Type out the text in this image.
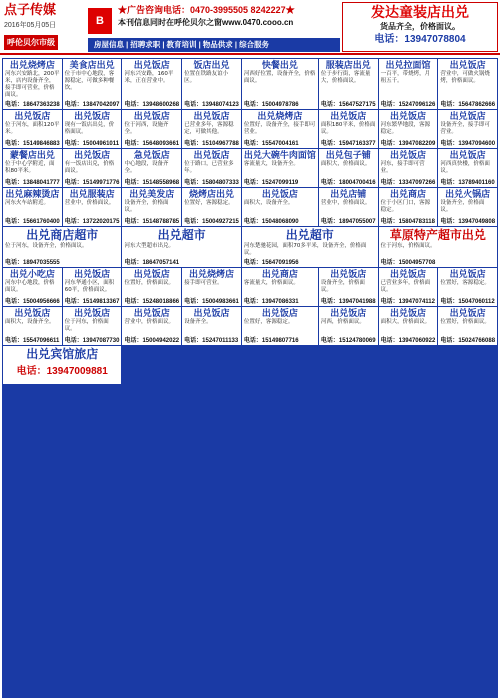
点子传媒
2016年05月05日
呼伦贝尔市级
B
★广告咨询电话：0470-3995505 8242227★
本刊信息同时在呼伦贝尔之窗www.0470.cooo.cn
房屋信息 | 招聘求职 | 教育培训 | 物品供求 | 综合服务
发达童装店出兑
货品齐全，价格面议。
电话：13947078804
出兑烧烤店
河东兴安路北，200平米，店内设备齐全，接手即可营业，价格面议。
电话：18647363238
美食店出兑
位于市中心地段，客源稳定，可做多种餐饮。
电话：13847042097
出兑饭店
河东兴安路，160平米，正在营业中。
电话：13948600268
饭店出兑
位置在铁路友谊小区。
电话：13948074123
快餐出兑
河西好位置，设备齐全，价格面议。
电话：15004978786
服装店出兑
位于步行街，客流量大，价格面议。
电话：15647527175
出兑拉面馆
一百平，带烧烤，月租五千。
电话：15247096126
出兑饭店
营业中，可做火锅烧烤，价格面议。
电话：15647862666
出兑饭店
位于河东，面积120平米。
电话：15149846883
出兑饭店
现有一饭店出兑，价格面议。
电话：15004961011
出兑饭店
位于河西，设施齐全。
电话：15648093661
出兑饭店
已营业多年，客源稳定，可做其他。
电话：15104967788
出兑烧烤店
位置好，设备齐全，接手即可营业。
电话：15547004161
出兑饭店
面积180平米，价格面议。
电话：15947163377
出兑饭店
河东繁华地段，客源稳定。
电话：13947082209
出兑饭店
设备齐全，接手即可营业。
电话：13947094600
蒙餐店出兑
位于中心学附近，面积80平米。
电话：13848041777
出兑饭店
有一饭店出兑，价格面议。
电话：15149971776
急兑饭店
中心地段，设备齐全。
电话：15148558968
出兑饭店
位于路口，已营业多年。
电话：15804807333
出兑大碗牛肉面馆
客流量大，设备齐全。
电话：15247099119
出兑包子铺
面积大，价格面议。
电话：18004700416
出兑饭店
河东，接手即可营业。
电话：13347097266
出兑饭店
河西真快楼，价格面议。
电话：13789401160
出兑麻辣烫店
河东火车站附近。
电话：15661760400
出兑服装店
营业中，价格面议。
电话：13722020175
出兑美发店
设备齐全，价格面议。
电话：15148788785
烧烤店出兑
位置好，客源稳定。
电话：15004927215
出兑饭店
面积大，设备齐全。
电话：15048068090
出兑店铺
营业中，价格面议。
电话：18947055007
出兑商店
位于小区门口，客源稳定。
电话：15804783118
出兑火锅店
设备齐全，价格面议。
电话：13947049808
出兑商店超市
位于河东，设备齐全，价格面议。
电话：18947035555
出兑超市
河东大型超市出兑。
电话：18647057141
出兑超市
河东楚驰花园，面积70多平米，设备齐全，价格面议。
电话：15647091956
草原特产超市出兑
位于河东，价格面议。
电话：15004957708
出兑小吃店
河东中心地段，价格面议。
电话：15004956666
出兑饭店
河东华通小区，面积60平，价格面议。
电话：15149813367
出兑饭店
位置好，价格面议。
电话：15248018866
出兑烧烤店
接手即可营业。
电话：15004983661
出兑商店
客流量大，价格面议。
电话：13947086331
出兑饭店
设备齐全，价格面议。
电话：13947041988
出兑饭店
已营业多年，价格面议。
电话：13947074112
出兑饭店
位置好，客源稳定。
电话：15047060112
出兑饭店
面积大，设备齐全。
电话：15547096611
出兑饭店
位于河东，价格面议。
电话：13947087730
出兑饭店
营业中，价格面议。
电话：15004942022
出兑饭店
设备齐全。
电话：15247011133
出兑饭店
位置好，客源稳定。
电话：15149807716
出兑饭店
河西，价格面议。
电话：15124780069
出兑饭店
面积大，价格面议。
电话：13947060922
出兑饭店
位置好，价格面议。
电话：15024766088
出兑宾馆旅店
电话：13947009881
